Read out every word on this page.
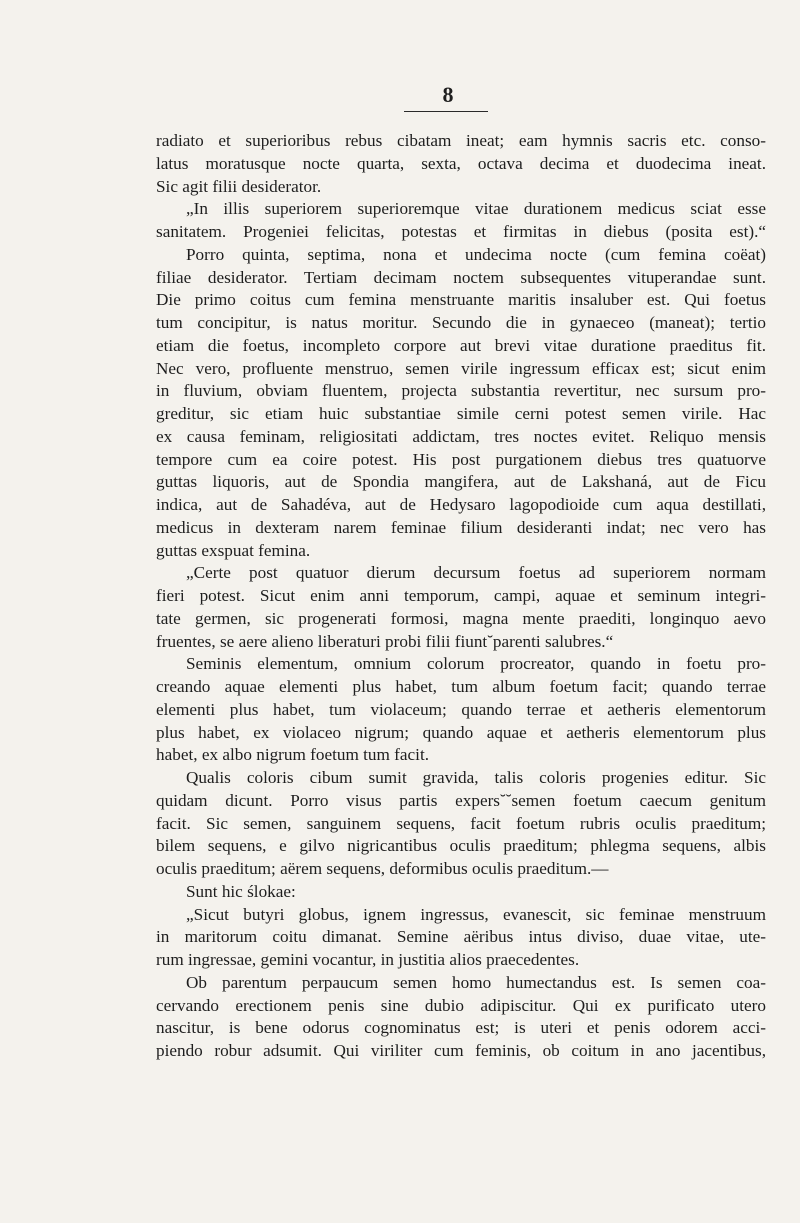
8
radiato et superioribus rebus cibatam ineat; eam hymnis sacris etc. conso-
latus moratusque nocte quarta, sexta, octava decima et duodecima ineat.
Sic agit filii desiderator.
„In illis superiorem superioremque vitae durationem medicus sciat esse
sanitatem. Progeniei felicitas, potestas et firmitas in diebus (posita est).“
Porro quinta, septima, nona et undecima nocte (cum femina coëat)
filiae desiderator. Tertiam decimam noctem subsequentes vituperandae sunt.
Die primo coitus cum femina menstruante maritis insaluber est. Qui foetus
tum concipitur, is natus moritur. Secundo die in gynaeceo (maneat); tertio
etiam die foetus, incompleto corpore aut brevi vitae duratione praeditus fit.
Nec vero, profluente menstruo, semen virile ingressum efficax est; sicut enim
in fluvium, obviam fluentem, projecta substantia revertitur, nec sursum pro-
greditur, sic etiam huic substantiae simile cerni potest semen virile. Hac
ex causa feminam, religiositati addictam, tres noctes evitet. Reliquo mensis
tempore cum ea coire potest. His post purgationem diebus tres quatuorve
guttas liquoris, aut de Spondia mangifera, aut de Lakshaná, aut de Ficu
indica, aut de Sahadéva, aut de Hedysaro lagopodioide cum aqua destillati,
medicus in dexteram narem feminae filium desideranti indat; nec vero has
guttas exspuat femina.
„Certe post quatuor dierum decursum foetus ad superiorem normam
fieri potest. Sicut enim anni temporum, campi, aquae et seminum integri-
tate germen, sic progenerati formosi, magna mente praediti, longinquo aevo
fruentes, se aere alieno liberaturi probi filii fiunt˘parenti salubres.“
Seminis elementum, omnium colorum procreator, quando in foetu pro-
creando aquae elementi plus habet, tum album foetum facit; quando terrae
elementi plus habet, tum violaceum; quando terrae et aetheris elementorum
plus habet, ex violaceo nigrum; quando aquae et aetheris elementorum plus
habet, ex albo nigrum foetum tum facit.
Qualis coloris cibum sumit gravida, talis coloris progenies editur. Sic
quidam dicunt. Porro visus partis expers˘˘semen foetum caecum genitum
facit. Sic semen, sanguinem sequens, facit foetum rubris oculis praeditum;
bilem sequens, e gilvo nigricantibus oculis praeditum; phlegma sequens, albis
oculis praeditum; aërem sequens, deformibus oculis praeditum.—
Sunt hic ślokae:
„Sicut butyri globus, ignem ingressus, evanescit, sic feminae menstruum
in maritorum coitu dimanat. Semine aëribus intus diviso, duae vitae, ute-
rum ingressae, gemini vocantur, in justitia alios praecedentes.
Ob parentum perpaucum semen homo humectandus est. Is semen coa-
cervando erectionem penis sine dubio adipiscitur. Qui ex purificato utero
nascitur, is bene odorus cognominatus est; is uteri et penis odorem acci-
piendo robur adsumit. Qui viriliter cum feminis, ob coitum in ano jacentibus,
